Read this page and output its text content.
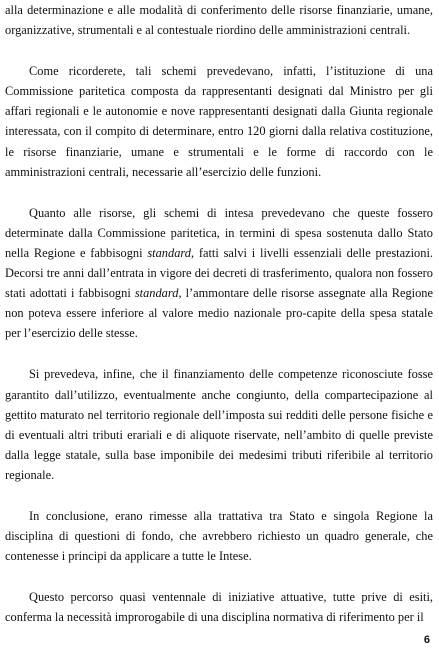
alla determinazione e alle modalità di conferimento delle risorse finanziarie, umane, organizzative, strumentali e al contestuale riordino delle amministrazioni centrali.

Come ricorderete, tali schemi prevedevano, infatti, l’istituzione di una Commissione paritetica composta da rappresentanti designati dal Ministro per gli affari regionali e le autonomie e nove rappresentanti designati dalla Giunta regionale interessata, con il compito di determinare, entro 120 giorni dalla relativa costituzione, le risorse finanziarie, umane e strumentali e le forme di raccordo con le amministrazioni centrali, necessarie all’esercizio delle funzioni.

Quanto alle risorse, gli schemi di intesa prevedevano che queste fossero determinate dalla Commissione paritetica, in termini di spesa sostenuta dallo Stato nella Regione e fabbisogni standard, fatti salvi i livelli essenziali delle prestazioni. Decorsi tre anni dall’entrata in vigore dei decreti di trasferimento, qualora non fossero stati adottati i fabbisogni standard, l’ammontare delle risorse assegnate alla Regione non poteva essere inferiore al valore medio nazionale pro-capite della spesa statale per l’esercizio delle stesse.

Si prevedeva, infine, che il finanziamento delle competenze riconosciute fosse garantito dall’utilizzo, eventualmente anche congiunto, della compartecipazione al gettito maturato nel territorio regionale dell’imposta sui redditi delle persone fisiche e di eventuali altri tributi erariali e di aliquote riservate, nell’ambito di quelle previste dalla legge statale, sulla base imponibile dei medesimi tributi riferibile al territorio regionale.

In conclusione, erano rimesse alla trattativa tra Stato e singola Regione la disciplina di questioni di fondo, che avrebbero richiesto un quadro generale, che contenesse i principi da applicare a tutte le Intese.

Questo percorso quasi ventennale di iniziative attuative, tutte prive di esiti, conferma la necessità improrogabile di una disciplina normativa di riferimento per il

6
